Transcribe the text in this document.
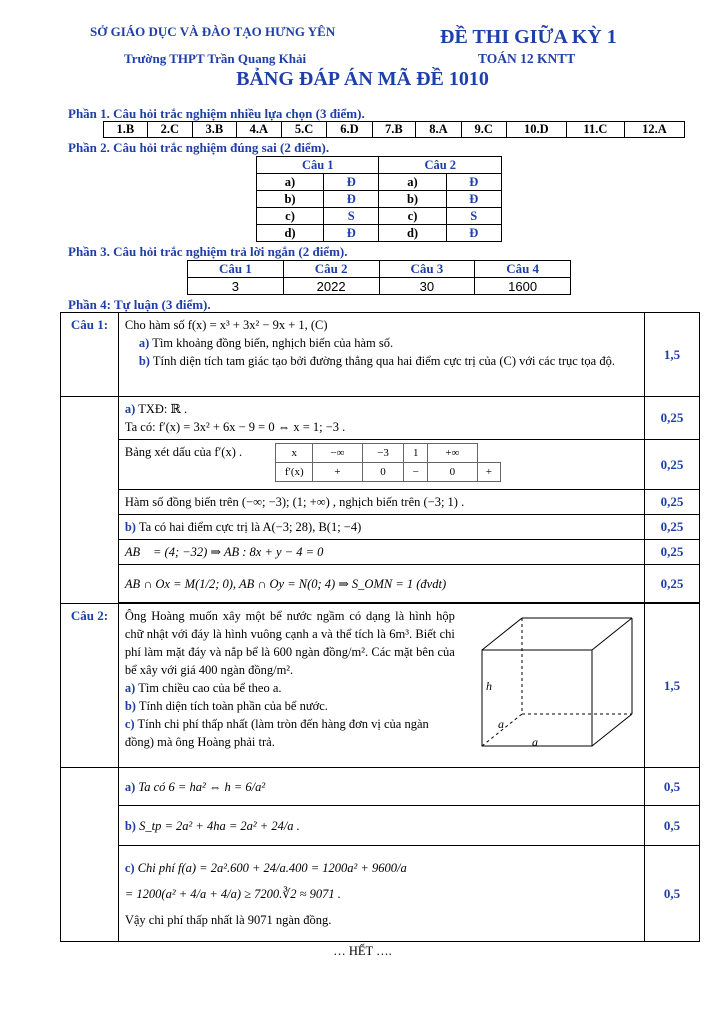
SỞ GIÁO DỤC VÀ ĐÀO TẠO HƯNG YÊN
Trường THPT Trần Quang Khải
ĐỀ THI GIỮA KỲ 1
TOÁN 12 KNTT
BẢNG ĐÁP ÁN MÃ ĐỀ 1010
Phần 1. Câu hỏi trắc nghiệm nhiều lựa chọn (3 điểm).
1.B	2.C	3.B	4.A	5.C	6.D	7.B	8.A	9.C	10.D	11.C	12.A
Phần 2. Câu hỏi trắc nghiệm đúng sai (2 điểm).
Câu 1		Câu 2	
a)	Đ	a)	Đ
b)	Đ	b)	Đ
c)	S	c)	S
d)	Đ	d)	Đ
Phần 3. Câu hỏi trắc nghiệm trả lời ngắn (2 điểm).
Câu 1	Câu 2	Câu 3	Câu 4
3	2022	30	1600
Phần 4: Tự luận (3 điểm).
Câu 1:	Cho hàm số f(x) = x³ + 3x² − 9x + 1, (C)
a) Tìm khoảng đồng biến, nghịch biến của hàm số.
b) Tính diện tích tam giác tạo bởi đường thẳng qua hai điểm cực trị của (C) với các trục tọa độ.	1,5

a) TXĐ: ℝ .
Ta có: f′(x) = 3x² + 6x − 9 = 0 ⇔ x = 1; −3 .
	0,25
Bảng xét dấu của f′(x) .	x	−∞	−3	1	+∞
f′(x)	+	0	−	0	+	0,25
Hàm số đồng biến trên (−∞; −3); (1; +∞) , nghịch biến trên (−3; 1) .	0,25
b) Ta có hai điểm cực trị là A(−3; 28), B(1; −4)	0,25
AB⃗ = (4; −32) ⇒ AB : 8x + y − 4 = 0	0,25
AB ∩ Ox = M(1/2; 0), AB ∩ Oy = N(0; 4) ⇒ S_OMN = 1 (đvdt)	0,25

Câu 2:	Ông Hoàng muốn xây một bể nước ngầm có dạng là hình hộp chữ nhật với đáy là hình vuông cạnh a và thể tích là 6m³. Biết chi phí làm mặt đáy và nắp bể là 600 ngàn đồng/m². Các mặt bên của bể xây với giá 400 ngàn đồng/m².
a) Tìm chiều cao của bể theo a.
b) Tính diện tích toàn phần của bể nước.
c) Tính chi phí thấp nhất (làm tròn đến hàng đơn vị của ngàn đồng) mà ông Hoàng phải trả.
	1,5
	a) Ta có 6 = ha² ⇔ h = 6/a²	0,5
b) S_tp = 2a² + 4ha = 2a² + 24/a .	0,5

c) Chi phí f(a) = 2a².600 + 24/a.400 = 1200a² + 9600/a
= 1200(a² + 4/a + 4/a) ≥ 7200.∛2 ≈ 9071 .
Vậy chi phí thấp nhất là 9071 ngàn đồng.
	0,5
h
a
a
… HẾT ….
